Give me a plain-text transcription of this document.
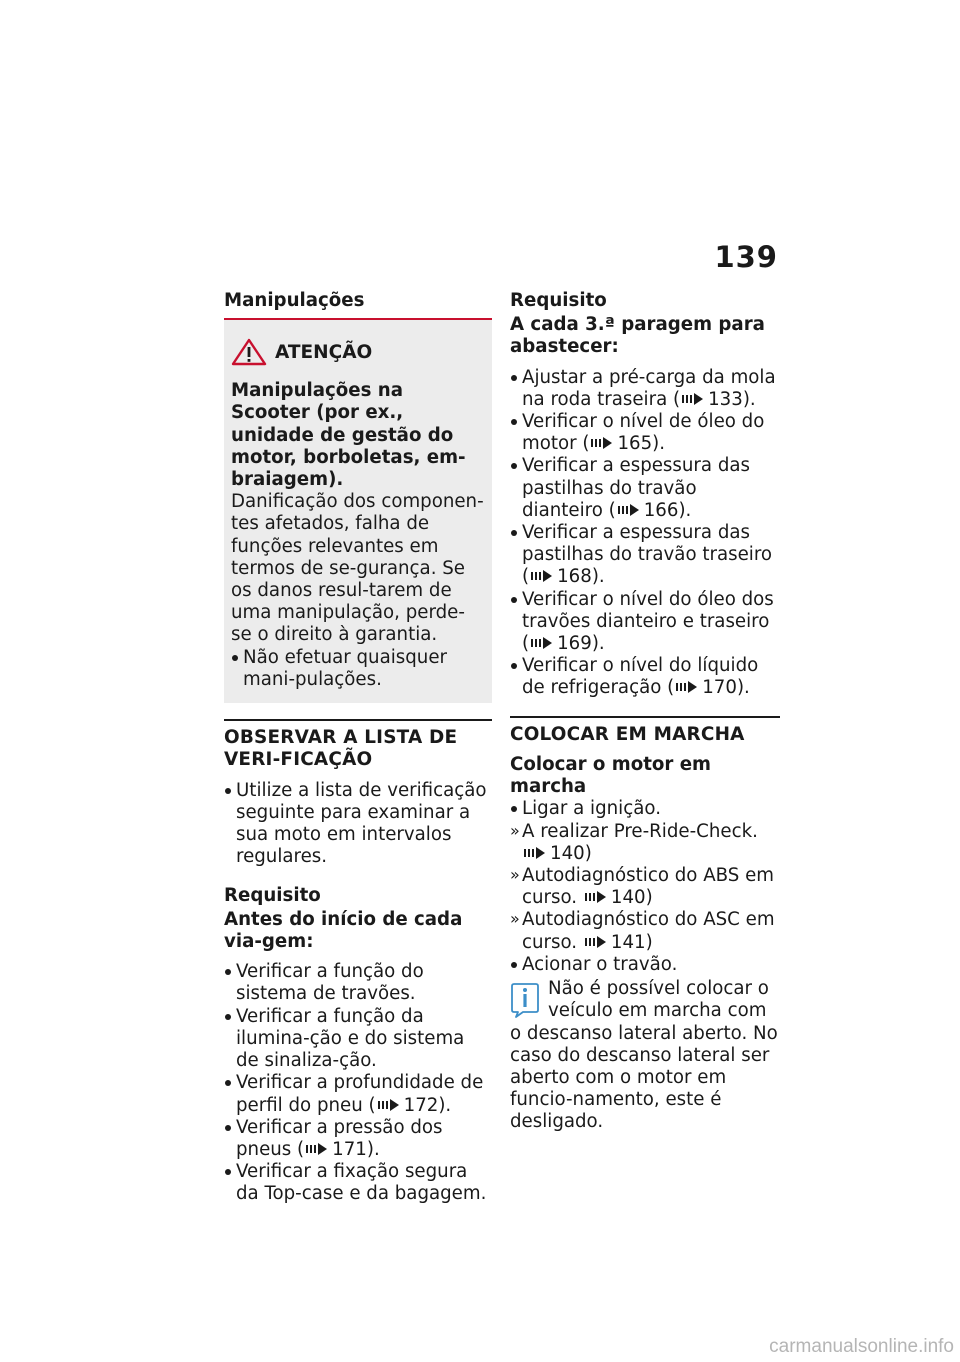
139
Manipulações
ATENÇÃO
Manipulações na Scooter (por ex., unidade de gestão do motor, borboletas, em-braiagem).
Danificação dos componen-tes afetados, falha de funções relevantes em termos de se-gurança. Se os danos resul-tarem de uma manipulação, perde-se o direito à garantia.
Não efetuar quaisquer mani-pulações.
OBSERVAR A LISTA DE VERI-FICAÇÃO
Utilize a lista de verificação seguinte para examinar a sua moto em intervalos regulares.
Requisito
Antes do início de cada via-gem:
Verificar a função do sistema de travões.
Verificar a função da ilumina-ção e do sistema de sinaliza-ção.
Verificar a profundidade de perfil do pneu ( 172).
Verificar a pressão dos pneus ( 171).
Verificar a fixação segura da Top-case e da bagagem.
Requisito
A cada 3.ª paragem para abastecer:
Ajustar a pré-carga da mola na roda traseira ( 133).
Verificar o nível de óleo do motor ( 165).
Verificar a espessura das pastilhas do travão dianteiro ( 166).
Verificar a espessura das pastilhas do travão traseiro ( 168).
Verificar o nível do óleo dos travões dianteiro e traseiro ( 169).
Verificar o nível do líquido de refrigeração ( 170).
COLOCAR EM MARCHA
Colocar o motor em marcha
Ligar a ignição.
» A realizar Pre-Ride-Check.
140)
» Autodiagnóstico do ABS em curso. 140)
» Autodiagnóstico do ASC em curso. 141)
Acionar o travão.
Não é possível colocar o veículo em marcha com o descanso lateral aberto. No caso do descanso lateral ser aberto com o motor em funcio-namento, este é desligado.
carmanualsonline.info
